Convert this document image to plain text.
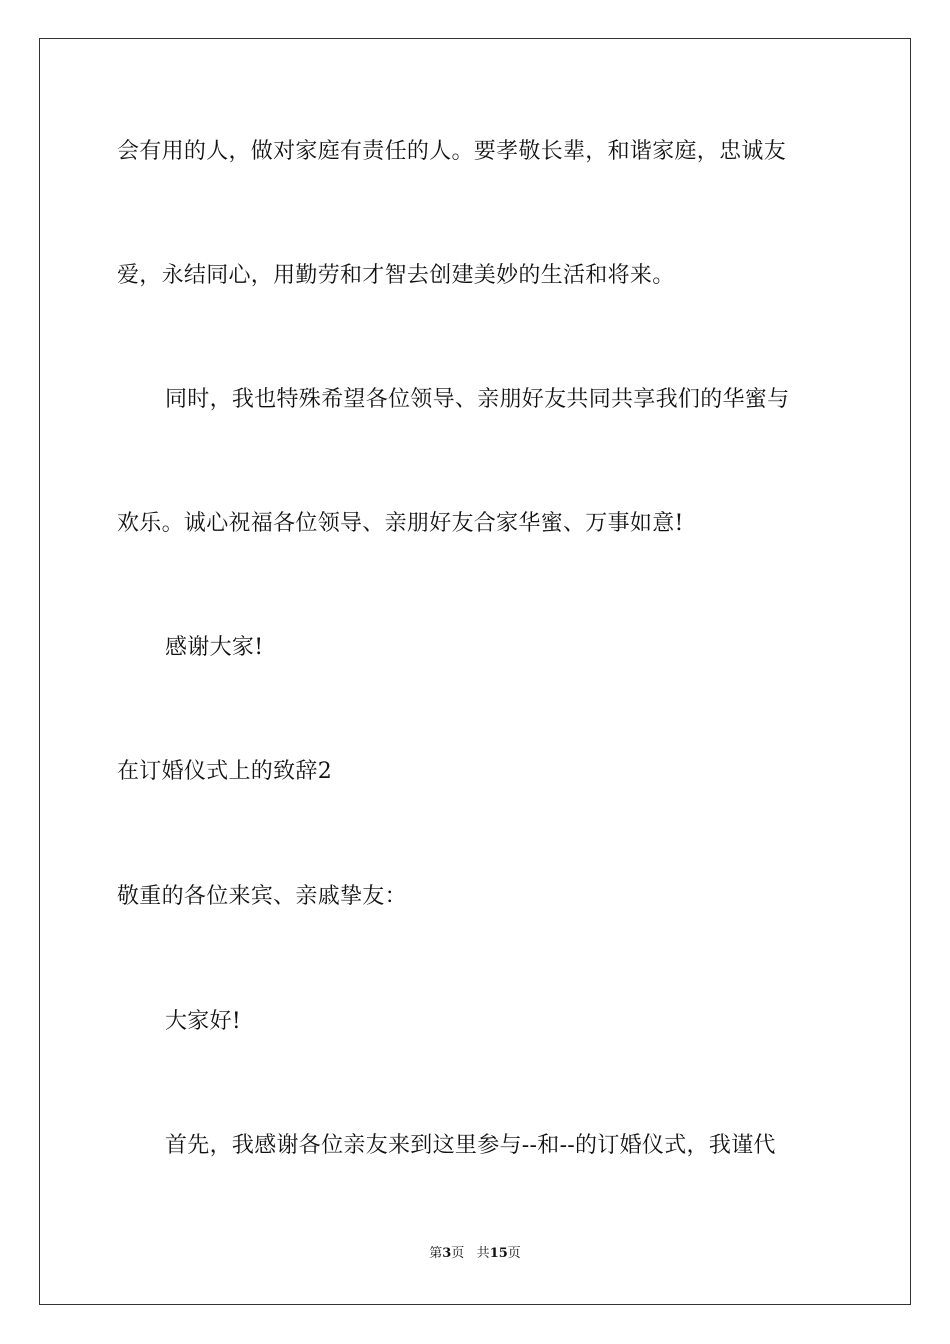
会有用的人，做对家庭有责任的人。要孝敬长辈，和谐家庭，忠诚友
爱，永结同心，用勤劳和才智去创建美妙的生活和将来。
同时，我也特殊希望各位领导、亲朋好友共同共享我们的华蜜与
欢乐。诚心祝福各位领导、亲朋好友合家华蜜、万事如意!
感谢大家!
在订婚仪式上的致辞2
敬重的各位来宾、亲戚挚友：
大家好!
首先，我感谢各位亲友来到这里参与--和--的订婚仪式，我谨代
第3页 共15页
